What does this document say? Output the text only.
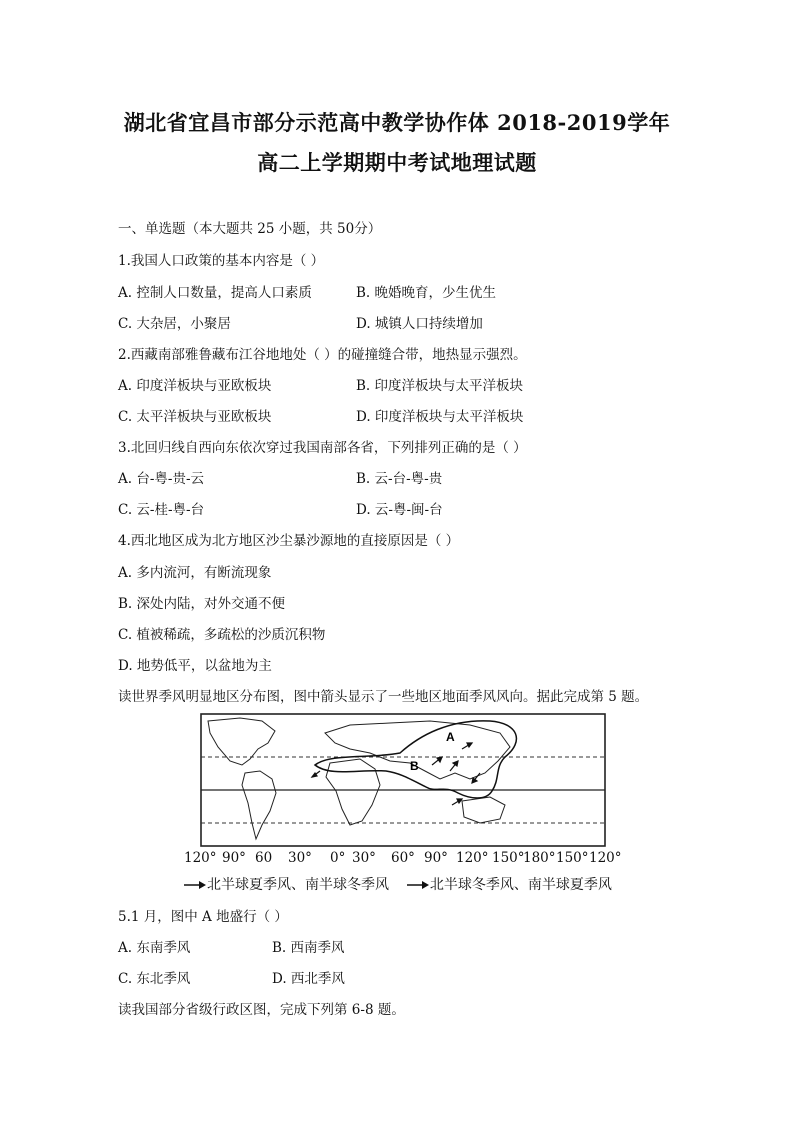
湖北省宜昌市部分示范高中教学协作体 2018-2019学年
高二上学期期中考试地理试题
一、单选题（本大题共 25 小题，共 50分）
1.我国人口政策的基本内容是（ ）
A. 控制人口数量，提高人口素质	B. 晚婚晚育，少生优生
C. 大杂居，小聚居	D. 城镇人口持续增加
2.西藏南部雅鲁藏布江谷地地处（ ）的碰撞缝合带，地热显示强烈。
A. 印度洋板块与亚欧板块	B. 印度洋板块与太平洋板块
C. 太平洋板块与亚欧板块	D. 印度洋板块与太平洋板块
3.北回归线自西向东依次穿过我国南部各省，下列排列正确的是（ ）
A. 台-粤-贵-云	B. 云-台-粤-贵
C. 云-桂-粤-台	D. 云-粤-闽-台
4.西北地区成为北方地区沙尘暴沙源地的直接原因是（ ）
A. 多内流河，有断流现象
B. 深处内陆，对外交通不便
C. 植被稀疏，多疏松的沙质沉积物
D. 地势低平，以盆地为主
读世界季风明显地区分布图，图中箭头显示了一些地区地面季风风向。据此完成第 5 题。
A
B
120° 90° 60 30° 0° 30° 60° 90° 120° 150°
180° 150° 120°
北半球夏季风、南半球冬季风	北半球冬季风、南半球夏季风
5.1 月，图中 A 地盛行（ ）
A. 东南季风	B. 西南季风
C. 东北季风	D. 西北季风
读我国部分省级行政区图，完成下列第 6-8 题。
